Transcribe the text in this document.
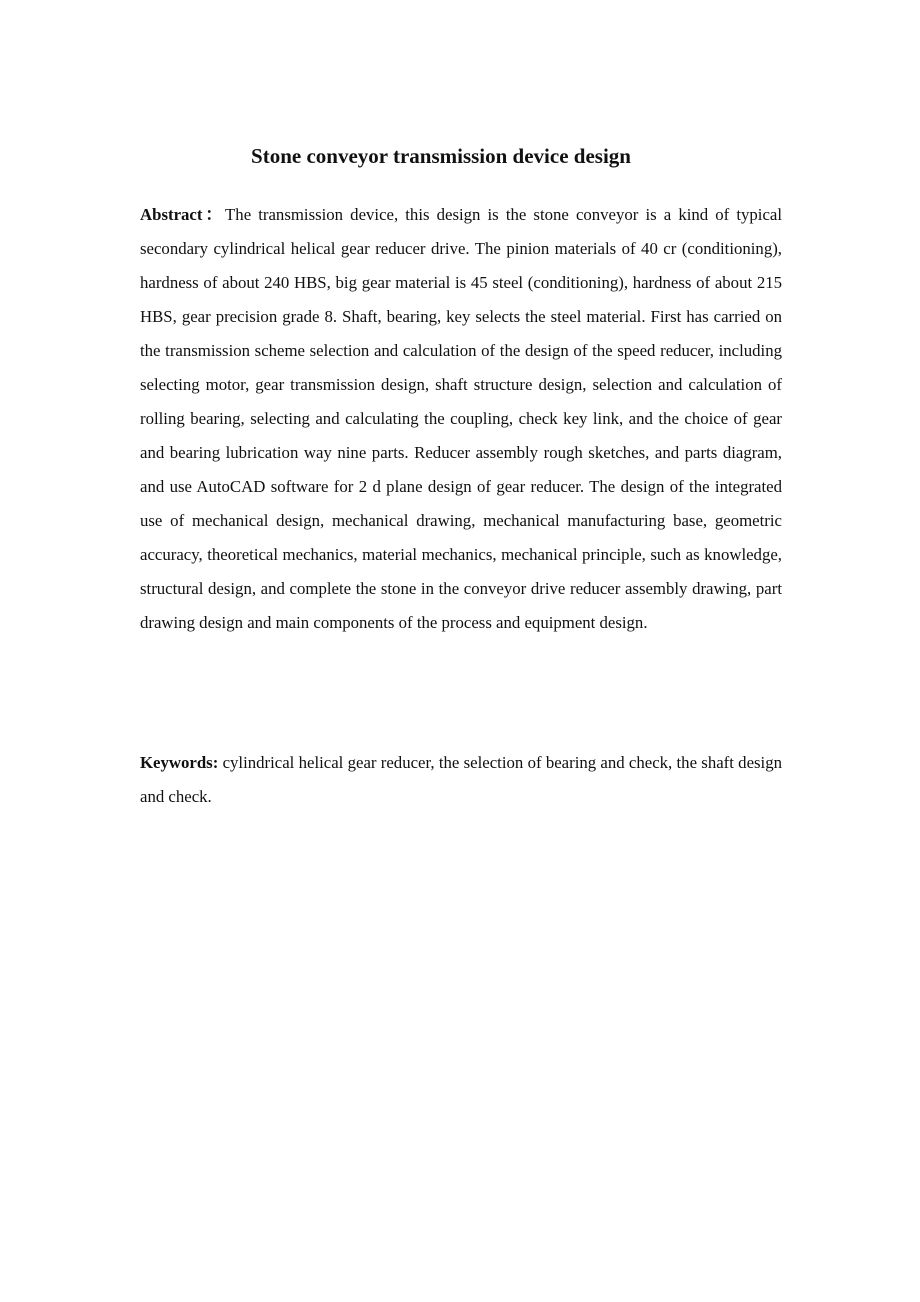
Stone conveyor transmission device design

Abstract：The transmission device, this design is the stone conveyor is a kind of typical secondary cylindrical helical gear reducer drive. The pinion materials of 40 cr (conditioning), hardness of about 240 HBS, big gear material is 45 steel (conditioning), hardness of about 215 HBS, gear precision grade 8. Shaft, bearing, key selects the steel material. First has carried on the transmission scheme selection and calculation of the design of the speed reducer, including selecting motor, gear transmission design, shaft structure design, selection and calculation of rolling bearing, selecting and calculating the coupling, check key link, and the choice of gear and bearing lubrication way nine parts. Reducer assembly rough sketches, and parts diagram, and use AutoCAD software for 2 d plane design of gear reducer. The design of the integrated use of mechanical design, mechanical drawing, mechanical manufacturing base, geometric accuracy, theoretical mechanics, material mechanics, mechanical principle, such as knowledge, structural design, and complete the stone in the conveyor drive reducer assembly drawing, part drawing design and main components of the process and equipment design.

Keywords: cylindrical helical gear reducer, the selection of bearing and check, the shaft design and check.
